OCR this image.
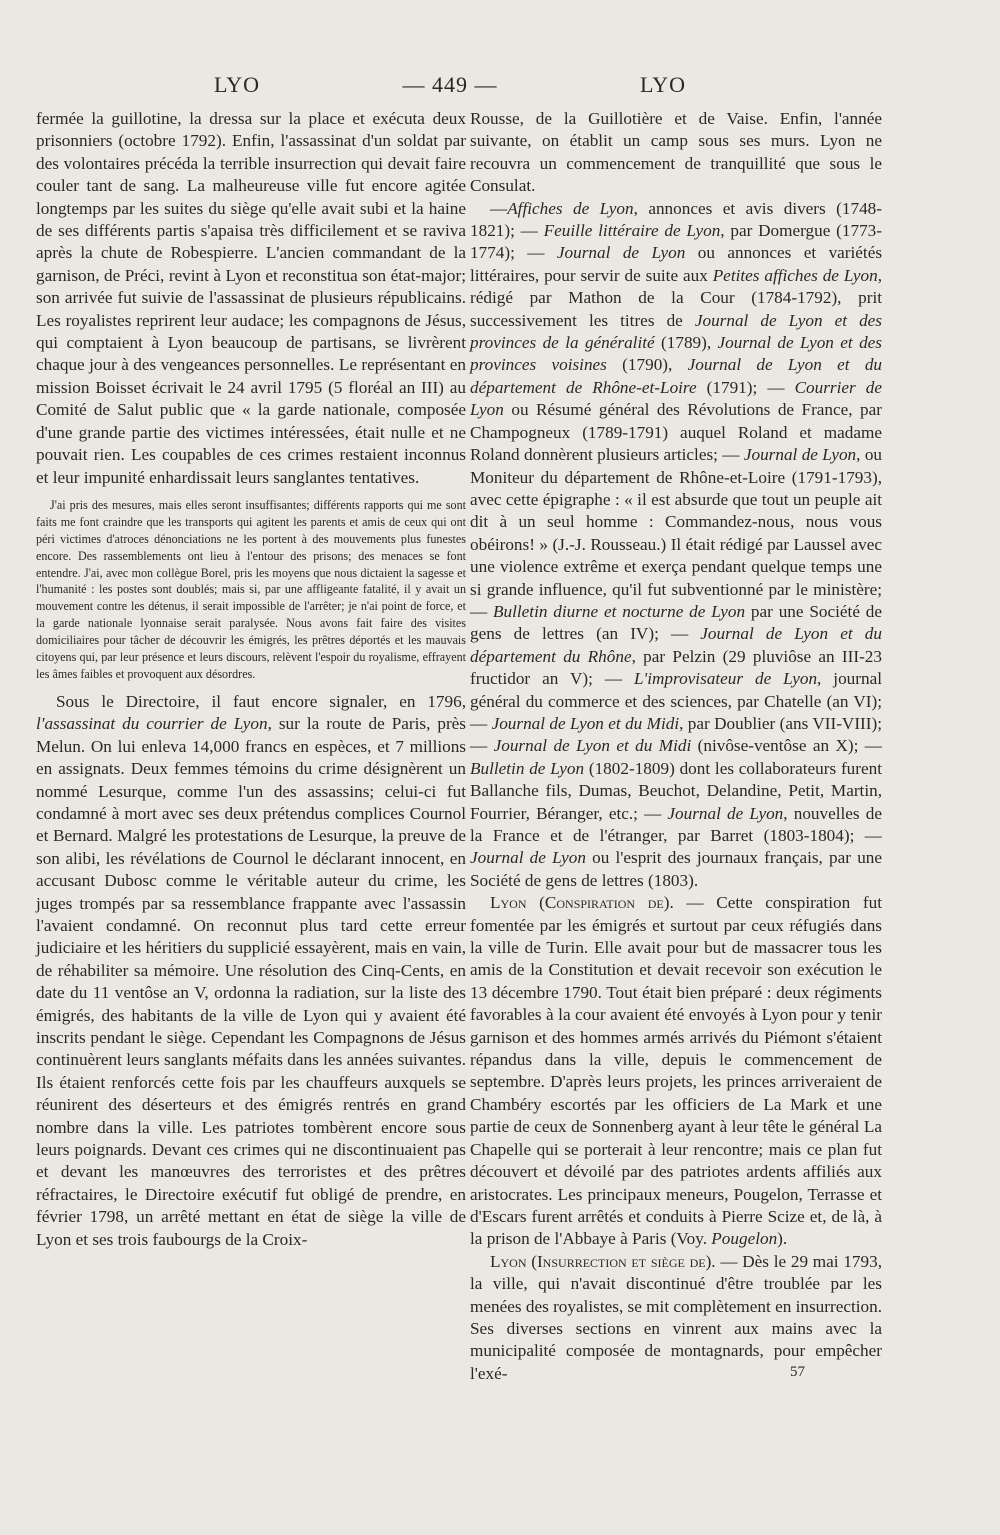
LYO	— 449 —	LYO

fermée la guillotine, la dressa sur la place et exécuta deux prisonniers (octobre 1792). Enfin, l'assassinat d'un soldat par des volontaires précéda la terrible insurrection qui devait faire couler tant de sang. La malheureuse ville fut encore agitée longtemps par les suites du siège qu'elle avait subi et la haine de ses différents partis s'apaisa très difficilement et se raviva après la chute de Robespierre. L'ancien commandant de la garnison, de Préci, revint à Lyon et reconstitua son état-major; son arrivée fut suivie de l'assassinat de plusieurs républicains. Les royalistes reprirent leur audace; les compagnons de Jésus, qui comptaient à Lyon beaucoup de partisans, se livrèrent chaque jour à des vengeances personnelles. Le représentant en mission Boisset écrivait le 24 avril 1795 (5 floréal an III) au Comité de Salut public que « la garde nationale, composée d'une grande partie des victimes intéressées, était nulle et ne pouvait rien. Les coupables de ces crimes restaient inconnus et leur impunité enhardissait leurs sanglantes tentatives.

J'ai pris des mesures, mais elles seront insuffisantes; différents rapports qui me sont faits me font craindre que les transports qui agitent les parents et amis de ceux qui ont péri victimes d'atroces dénonciations ne les portent à des mouvements plus funestes encore. Des rassemblements ont lieu à l'entour des prisons; des menaces se font entendre. J'ai, avec mon collègue Borel, pris les moyens que nous dictaient la sagesse et l'humanité : les postes sont doublés; mais si, par une affligeante fatalité, il y avait un mouvement contre les détenus, il serait impossible de l'arrêter; je n'ai point de force, et la garde nationale lyonnaise serait paralysée. Nous avons fait faire des visites domiciliaires pour tâcher de découvrir les émigrés, les prêtres déportés et les mauvais citoyens qui, par leur présence et leurs discours, relèvent l'espoir du royalisme, effrayent les âmes faibles et provoquent aux désordres.

Sous le Directoire, il faut encore signaler, en 1796, l'assassinat du courrier de Lyon, sur la route de Paris, près Melun. On lui enleva 14,000 francs en espèces, et 7 millions en assignats. Deux femmes témoins du crime désignèrent un nommé Lesurque, comme l'un des assassins; celui-ci fut condamné à mort avec ses deux prétendus complices Cournol et Bernard. Malgré les protestations de Lesurque, la preuve de son alibi, les révélations de Cournol le déclarant innocent, en accusant Dubosc comme le véritable auteur du crime, les juges trompés par sa ressemblance frappante avec l'assassin l'avaient condamné. On reconnut plus tard cette erreur judiciaire et les héritiers du supplicié essayèrent, mais en vain, de réhabiliter sa mémoire. Une résolution des Cinq-Cents, en date du 11 ventôse an V, ordonna la radiation, sur la liste des émigrés, des habitants de la ville de Lyon qui y avaient été inscrits pendant le siège. Cependant les Compagnons de Jésus continuèrent leurs sanglants méfaits dans les années suivantes. Ils étaient renforcés cette fois par les chauffeurs auxquels se réunirent des déserteurs et des émigrés rentrés en grand nombre dans la ville. Les patriotes tombèrent encore sous leurs poignards. Devant ces crimes qui ne discontinuaient pas et devant les manœuvres des terroristes et des prêtres réfractaires, le Directoire exécutif fut obligé de prendre, en février 1798, un arrêté mettant en état de siège la ville de Lyon et ses trois faubourgs de la Croix-

Rousse, de la Guillotière et de Vaise. Enfin, l'année suivante, on établit un camp sous ses murs. Lyon ne recouvra un commencement de tranquillité que sous le Consulat.

—Affiches de Lyon, annonces et avis divers (1748-1821); — Feuille littéraire de Lyon, par Domergue (1773-1774); — Journal de Lyon ou annonces et variétés littéraires, pour servir de suite aux Petites affiches de Lyon, rédigé par Mathon de la Cour (1784-1792), prit successivement les titres de Journal de Lyon et des provinces de la généralité (1789), Journal de Lyon et des provinces voisines (1790), Journal de Lyon et du département de Rhône-et-Loire (1791); — Courrier de Lyon ou Résumé général des Révolutions de France, par Champogneux (1789-1791) auquel Roland et madame Roland donnèrent plusieurs articles; — Journal de Lyon, ou Moniteur du département de Rhône-et-Loire (1791-1793), avec cette épigraphe : « il est absurde que tout un peuple ait dit à un seul homme : Commandez-nous, nous vous obéirons! » (J.-J. Rousseau.) Il était rédigé par Laussel avec une violence extrême et exerça pendant quelque temps une si grande influence, qu'il fut subventionné par le ministère; — Bulletin diurne et nocturne de Lyon par une Société de gens de lettres (an IV); — Journal de Lyon et du département du Rhône, par Pelzin (29 pluviôse an III-23 fructidor an V); — L'improvisateur de Lyon, journal général du commerce et des sciences, par Chatelle (an VI); — Journal de Lyon et du Midi, par Doublier (ans VII-VIII); — Journal de Lyon et du Midi (nivôse-ventôse an X); — Bulletin de Lyon (1802-1809) dont les collaborateurs furent Ballanche fils, Dumas, Beuchot, Delandine, Petit, Martin, Fourrier, Béranger, etc.; — Journal de Lyon, nouvelles de la France et de l'étranger, par Barret (1803-1804); — Journal de Lyon ou l'esprit des journaux français, par une Société de gens de lettres (1803).

Lyon (Conspiration de). — Cette conspiration fut fomentée par les émigrés et surtout par ceux réfugiés dans la ville de Turin. Elle avait pour but de massacrer tous les amis de la Constitution et devait recevoir son exécution le 13 décembre 1790. Tout était bien préparé : deux régiments favorables à la cour avaient été envoyés à Lyon pour y tenir garnison et des hommes armés arrivés du Piémont s'étaient répandus dans la ville, depuis le commencement de septembre. D'après leurs projets, les princes arriveraient de Chambéry escortés par les officiers de La Mark et une partie de ceux de Sonnenberg ayant à leur tête le général La Chapelle qui se porterait à leur rencontre; mais ce plan fut découvert et dévoilé par des patriotes ardents affiliés aux aristocrates. Les principaux meneurs, Pougelon, Terrasse et d'Escars furent arrêtés et conduits à Pierre Scize et, de là, à la prison de l'Abbaye à Paris (Voy. Pougelon).

Lyon (Insurrection et siège de). — Dès le 29 mai 1793, la ville, qui n'avait discontinué d'être troublée par les menées des royalistes, se mit complètement en insurrection. Ses diverses sections en vinrent aux mains avec la municipalité composée de montagnards, pour empêcher l'exé-	57
